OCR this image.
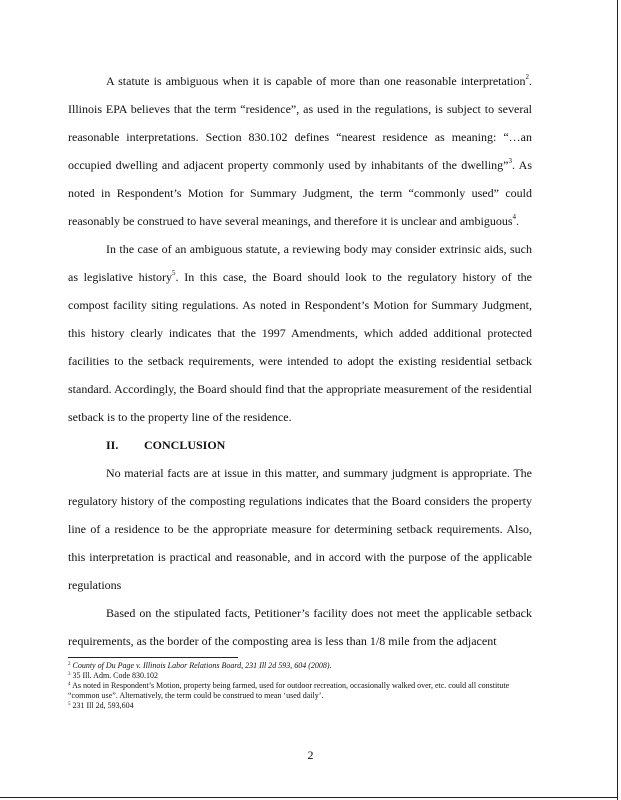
A statute is ambiguous when it is capable of more than one reasonable interpretation$^2$. Illinois EPA believes that the term “residence”, as used in the regulations, is subject to several reasonable interpretations. Section 830.102 defines “nearest residence as meaning: “…an occupied dwelling and adjacent property commonly used by inhabitants of the dwelling”$^3$. As noted in Respondent’s Motion for Summary Judgment, the term “commonly used” could reasonably be construed to have several meanings, and therefore it is unclear and ambiguous$^4$.

In the case of an ambiguous statute, a reviewing body may consider extrinsic aids, such as legislative history$^5$. In this case, the Board should look to the regulatory history of the compost facility siting regulations. As noted in Respondent’s Motion for Summary Judgment, this history clearly indicates that the 1997 Amendments, which added additional protected facilities to the setback requirements, were intended to adopt the existing residential setback standard. Accordingly, the Board should find that the appropriate measurement of the residential setback is to the property line of the residence.

II. CONCLUSION

No material facts are at issue in this matter, and summary judgment is appropriate. The regulatory history of the composting regulations indicates that the Board considers the property line of a residence to be the appropriate measure for determining setback requirements. Also, this interpretation is practical and reasonable, and in accord with the purpose of the applicable regulations

Based on the stipulated facts, Petitioner’s facility does not meet the applicable setback requirements, as the border of the composting area is less than 1/8 mile from the adjacent

$^2$ County of Du Page v. Illinois Labor Relations Board, 231 Ill 2d 593, 604 (2008).
$^3$ 35 Ill. Adm. Code 830.102
$^4$ As noted in Respondent’s Motion, property being farmed, used for outdoor recreation, occasionally walked over, etc. could all constitute “common use”. Alternatively, the term could be construed to mean ‘used daily’.
$^5$ 231 Ill 2d, 593,604
2
